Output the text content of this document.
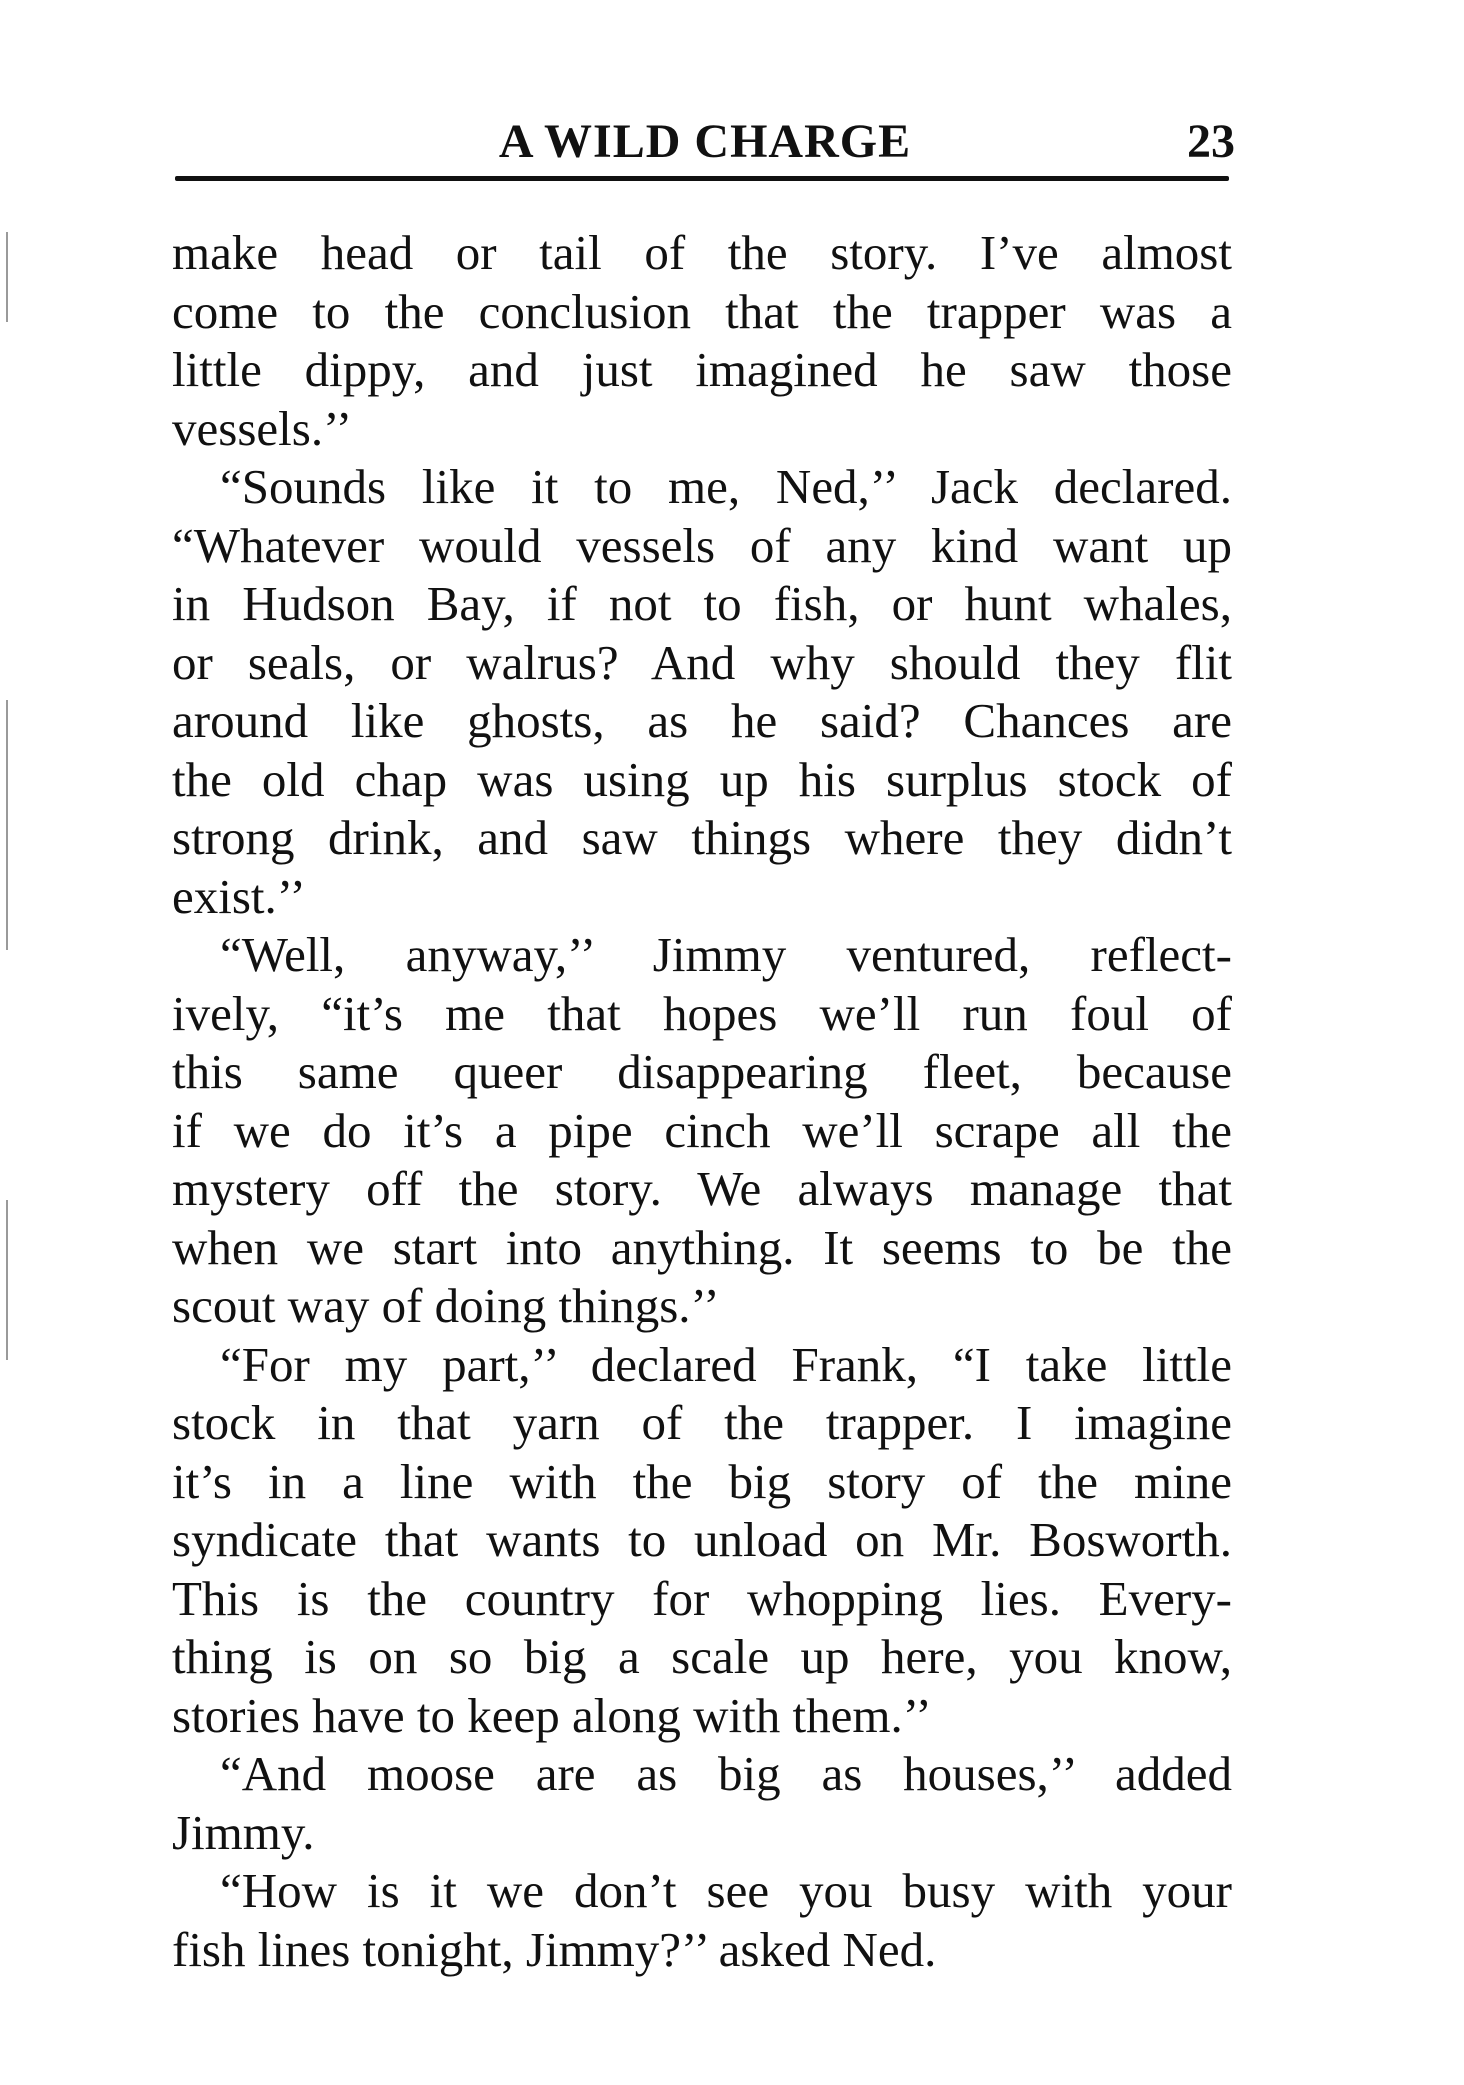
A WILD CHARGE	23
make head or tail of the story. I’ve almost
come to the conclusion that the trapper was a
little dippy, and just imagined he saw those
vessels.’’
“Sounds like it to me, Ned,’’ Jack declared.
“Whatever would vessels of any kind want up
in Hudson Bay, if not to fish, or hunt whales,
or seals, or walrus? And why should they flit
around like ghosts, as he said? Chances are
the old chap was using up his surplus stock of
strong drink, and saw things where they didn’t
exist.’’
“Well, anyway,’’ Jimmy ventured, reflect-
ively, “it’s me that hopes we’ll run foul of
this same queer disappearing fleet, because
if we do it’s a pipe cinch we’ll scrape all the
mystery off the story. We always manage that
when we start into anything. It seems to be the
scout way of doing things.’’
“For my part,’’ declared Frank, “I take little
stock in that yarn of the trapper. I imagine
it’s in a line with the big story of the mine
syndicate that wants to unload on Mr. Bosworth.
This is the country for whopping lies. Every-
thing is on so big a scale up here, you know,
stories have to keep along with them.’’
“And moose are as big as houses,’’ added
Jimmy.
“How is it we don’t see you busy with your
fish lines tonight, Jimmy?’’ asked Ned.
